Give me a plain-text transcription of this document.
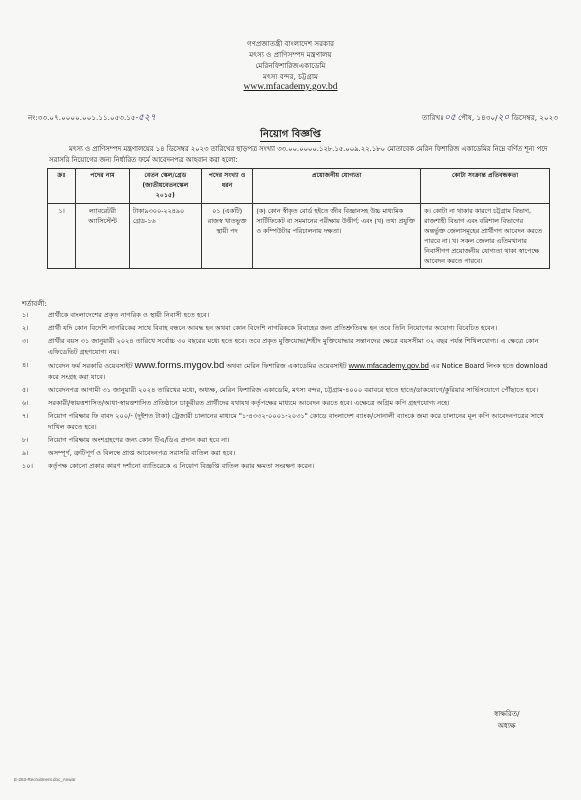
গণপ্রজাতন্ত্রী বাংলাদেশ সরকার
মৎস্য ও প্রাণিসম্পদ মন্ত্রণালয়
মেরিনফিশারিজএকাডেমি
মৎস্য বন্দর, চট্টগ্রাম
www.mfacademy.gov.bd
নং:৩৩.০৭.০০০০.০০১.১১.০৫৩.১৫-৫২৭	তারিখঃ০৫ পৌষ, ১৪৩০/২০ ডিসেম্বর, ২০২৩
নিয়োগ বিজ্ঞপ্তি
মৎস্য ও প্রাণিসম্পদ মন্ত্রণালয়ের ১৪ ডিসেম্বর ২০২৩ তারিখের ছাড়পত্র সংখ্যা ৩৩.০০.০০০০.১২৮.১৫.০০৯.২২.১৮০ মোতাবেক মেরিন ফিশারিজ একাডেমির নিম্নে বর্ণিত শূন্য পদে সরাসরি নিয়োগের জন্য নির্ধারিত ফর্মে আবেদনপত্র আহবান করা হলো:
ক্রঃ	পদের নাম	বেতন স্কেল/গ্রেড (জাতীয়বেতনস্কেল ২০১৫)	পদের সংখ্যা ও ধরন	প্রয়োজনীয় যোগ্যতা	কোটা সংক্রান্ত প্রতিবন্ধকতা
১।	ল্যাবরেটরী অ্যাসিস্টেন্ট	টাকা৯৩০০-২২৪৯০ গ্রেড-১৬	০১ (একটি) রাজস্ব খাতভুক্ত স্থায়ী পদ	(ক) কোন স্বীকৃত বোর্ড হইতে জীব বিজ্ঞানসহ উচ্চ মাধ্যমিক সার্টিফিকেট বা সমমানের পরীক্ষায় উত্তীর্ণ; এবং (খ) তথ্য প্রযুক্তি ও কম্পিউটার পরিচালনায় দক্ষতা।	ক। কোটা না থাকার কারণে চট্টগ্রাম বিভাগ, রাজশাহী বিভাগ এবং বরিশাল বিভাগের অন্তর্ভুক্ত জেলাসমূহের প্রার্থীগণ আবেদন করতে পারবে না। খ। সকল জেলার এতিমখানার নিবাসীগণ প্রয়োজনীয় যোগ্যতা থাকা স্বাপেক্ষে আবেদন করতে পারবে।
শর্তাবলী:
১।	প্রার্থীকে বাংলাদেশের প্রকৃত নাগরিক ও স্থায়ী নিবাসী হতে হবে।
২।	প্রার্থী যদি কোন বিদেশি নাগরিকের সাথে বিবাহ বন্ধনে আবদ্ধ হন অথবা কোন বিদেশি নাগরিককে বিবাহের জন্য প্রতিশ্রুতিবদ্ধ হন তবে তিনি নিয়োগের অযোগ্য বিবেচিত হবেন।
৩।	প্রার্থীর বয়স ৩১ জানুয়ারী ২০২৪ তারিখে সর্বোচ্চ ৩০ বছরের মধ্যে হতে হবে। তবে প্রকৃত মুক্তিযোদ্ধা/শহীদ মুক্তিযোদ্ধার সন্তানদের ক্ষেত্রে বয়সসীমা ৩২ বছর পর্যন্ত শিথিলযোগ্য। এ ক্ষেত্রে কোন এফিডেভিট গ্রহণযোগ্য নয়।
৪।	আবেদন ফর্ম সরকারি ওয়েবসাইট www.forms.mygov.bd অথবা মেরিন ফিশারিজ একাডেমির ওয়েবসাইট www.mfacademy.gov.bd এর Notice Board লিংক হতে download করে সংগ্রহ করা যাবে।
৫।	আবেদনপত্র আগামী ৩১ জানুয়ারী ২০২৪ তারিখের মধ্যে, অধ্যক্ষ, মেরিন ফিশারিজ একাডেমি, মৎস্য বন্দর, চট্টগ্রাম-৪০০০ বরাবরে হাতে হাতে/ডাকযোগে/কুরিয়ার সার্ভিসযোগে পৌঁছাতে হবে।
৬।	সরকারী/স্বায়ত্তশাসিত/আধা-স্বায়ত্তশাসিত প্রতিষ্ঠানে চাকুরীরত প্রার্থীদের যথাযথ কর্তৃপক্ষের মাধ্যমে আবেদন করতে হবে। এক্ষেত্রে অগ্রিম কপি গ্রহণযোগ্য নহে।
৭।	নিয়োগ পরিক্ষার ফি বাবদ ২০০/- (দুইশত টাকা) ট্রেজারী চালানের মাধ্যমে "১-৪৩৩২-০০০১-২০৩১" কোডে বাংলাদেশ ব্যাংক/সোনালী ব্যাংকে জমা করে চালানের মূল কপি আবেদনপত্রের সাথে দাখিল করতে হবে।
৮।	নিয়োগ পরিক্ষায় অংশগ্রহণের জন্য কোন টিএ/ডিএ প্রদান করা হবে না।
৯।	অসম্পূর্ণ, ত্রুটিপূর্ণ ও বিলম্বে প্রাপ্ত আবেদনপত্র সরাসরি বাতিল করা হবে।
১০।	কর্তৃপক্ষ কোনো প্রকার কারণ দর্শানো ব্যাতিরেকে এ নিয়োগ বিজ্ঞপ্তি বাতিল করার ক্ষমতা সংরক্ষণ করেন।
স্বাক্ষরিত/
অধ্যক্ষ
E-253-Recruitment.doc_Anwar
